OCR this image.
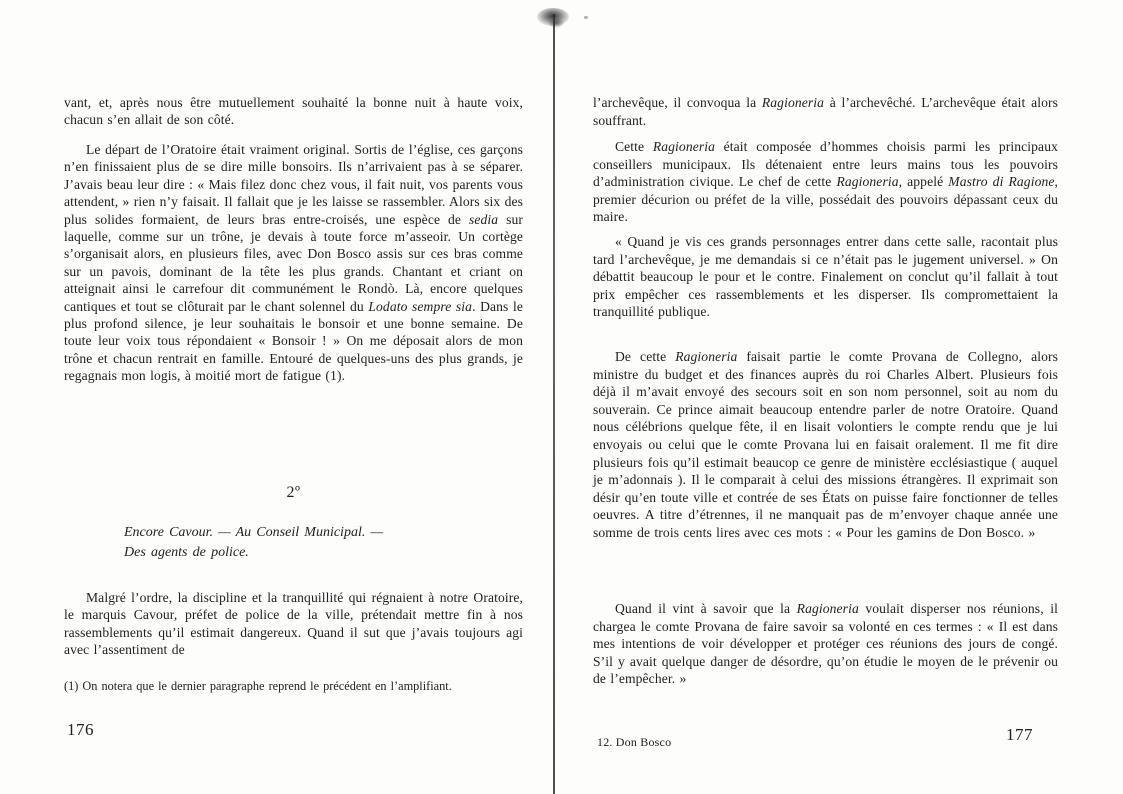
vant, et, après nous être mutuellement souhaité la bonne nuit à haute voix, chacun s’en allait de son côté.

Le départ de l’Oratoire était vraiment original. Sortis de l’église, ces garçons n’en finissaient plus de se dire mille bonsoirs. Ils n’arrivaient pas à se séparer. J’avais beau leur dire : « Mais filez donc chez vous, il fait nuit, vos parents vous attendent, » rien n’y faisait. Il fallait que je les laisse se rassembler. Alors six des plus solides formaient, de leurs bras entre-croisés, une espèce de sedia sur laquelle, comme sur un trône, je devais à toute force m’asseoir. Un cortège s’organisait alors, en plusieurs files, avec Don Bosco assis sur ces bras comme sur un pavois, dominant de la tête les plus grands. Chantant et criant on atteignait ainsi le carrefour dit communément le Rondò. Là, encore quelques cantiques et tout se clôturait par le chant solennel du Lodato sempre sia. Dans le plus profond silence, je leur souhaitais le bonsoir et une bonne semaine. De toute leur voix tous répondaient « Bonsoir ! » On me déposait alors de mon trône et chacun rentrait en famille. Entouré de quelques-uns des plus grands, je regagnais mon logis, à moitié mort de fatigue (1).

2º
Encore Cavour. — Au Conseil Municipal. —
Des agents de police.

Malgré l’ordre, la discipline et la tranquillité qui régnaient à notre Oratoire, le marquis Cavour, préfet de police de la ville, prétendait mettre fin à nos rassemblements qu’il estimait dangereux. Quand il sut que j’avais toujours agi avec l’assentiment de

(1) On notera que le dernier paragraphe reprend le précédent en l’amplifiant.
176

l’archevêque, il convoqua la Ragioneria à l’archevêché. L’archevêque était alors souffrant.

Cette Ragioneria était composée d’hommes choisis parmi les principaux conseillers municipaux. Ils détenaient entre leurs mains tous les pouvoirs d’administration civique. Le chef de cette Ragioneria, appelé Mastro di Ragione, premier décurion ou préfet de la ville, possédait des pouvoirs dépassant ceux du maire.

« Quand je vis ces grands personnages entrer dans cette salle, racontait plus tard l’archevêque, je me demandais si ce n’était pas le jugement universel. » On débattit beaucoup le pour et le contre. Finalement on conclut qu’il fallait à tout prix empêcher ces rassemblements et les disperser. Ils compromettaient la tranquillité publique.

De cette Ragioneria faisait partie le comte Provana de Collegno, alors ministre du budget et des finances auprès du roi Charles Albert. Plusieurs fois déjà il m’avait envoyé des secours soit en son nom personnel, soit au nom du souverain. Ce prince aimait beaucoup entendre parler de notre Oratoire. Quand nous célébrions quelque fête, il en lisait volontiers le compte rendu que je lui envoyais ou celui que le comte Provana lui en faisait oralement. Il me fit dire plusieurs fois qu’il estimait beaucop ce genre de ministère ecclésiastique ( auquel je m’adonnais ). Il le comparait à celui des missions étrangères. Il exprimait son désir qu’en toute ville et contrée de ses États on puisse faire fonctionner de telles oeuvres. A titre d’étrennes, il ne manquait pas de m’envoyer chaque année une somme de trois cents lires avec ces mots : « Pour les gamins de Don Bosco. »

Quand il vint à savoir que la Ragioneria voulait disperser nos réunions, il chargea le comte Provana de faire savoir sa volonté en ces termes : « Il est dans mes intentions de voir développer et protéger ces réunions des jours de congé. S’il y avait quelque danger de désordre, qu’on étudie le moyen de le prévenir ou de l’empêcher. »

12. Don Bosco	177
